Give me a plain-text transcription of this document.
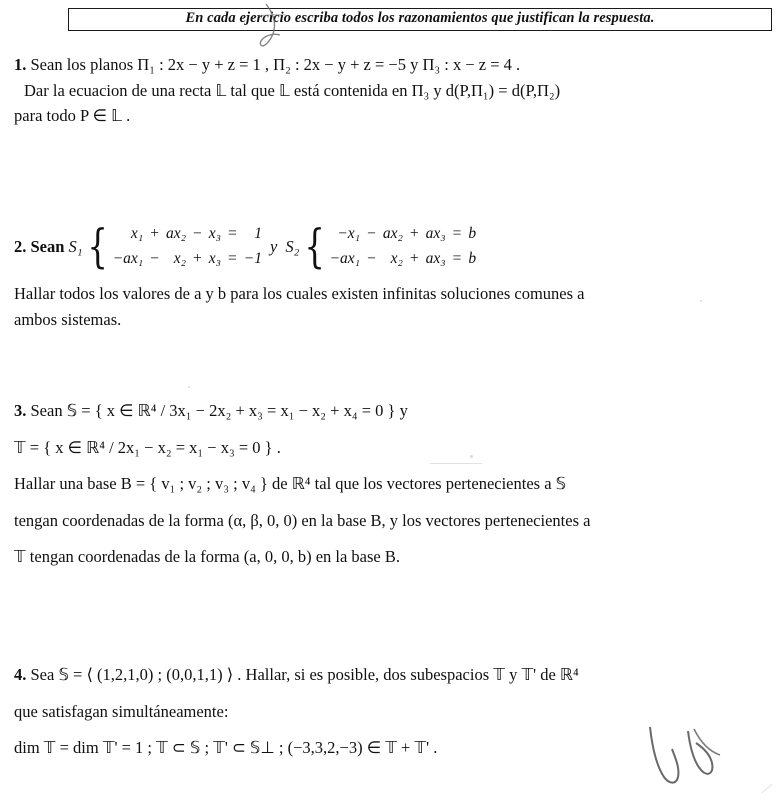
En cada ejercicio escriba todos los razonamientos que justifican la respuesta.
1. Sean los planos Π₁ : 2x − y + z = 1 , Π₂ : 2x − y + z = −5 y Π₃ : x − z = 4 .
Dar la ecuacion de una recta 𝕃 tal que 𝕃 está contenida en Π₃ y d(P,Π₁) = d(P,Π₂)
para todo P ∈ 𝕃 .
2. Sean S₁ {	x₁ + ax₂ − x₃ =	1
−ax₁ − x₂ + x₃ = −1
y S₂ { −x₁ − ax₂ + ax₃ = b
−ax₁ − x₂ + ax₃ = b
Hallar todos los valores de a y b para los cuales existen infinitas soluciones comunes a
ambos sistemas.
3. Sean 𝕊 = { x ∈ ℝ⁴ / 3x₁ − 2x₂ + x₃ = x₁ − x₂ + x₄ = 0 } y
𝕋 = { x ∈ ℝ⁴ / 2x₁ − x₂ = x₁ − x₃ = 0 } .
Hallar una base B = { v₁ ; v₂ ; v₃ ; v₄ } de ℝ⁴ tal que los vectores pertenecientes a 𝕊
tengan coordenadas de la forma (α, β, 0, 0) en la base B, y los vectores pertenecientes a
𝕋 tengan coordenadas de la forma (a, 0, 0, b) en la base B.
4. Sea 𝕊 = ⟨ (1,2,1,0) ; (0,0,1,1) ⟩ . Hallar, si es posible, dos subespacios 𝕋 y 𝕋' de ℝ⁴
que satisfagan simultáneamente:
dim 𝕋 = dim 𝕋' = 1 ; 𝕋 ⊂ 𝕊 ; 𝕋' ⊂ 𝕊⊥ ; (−3,3,2,−3) ∈ 𝕋 + 𝕋' .
